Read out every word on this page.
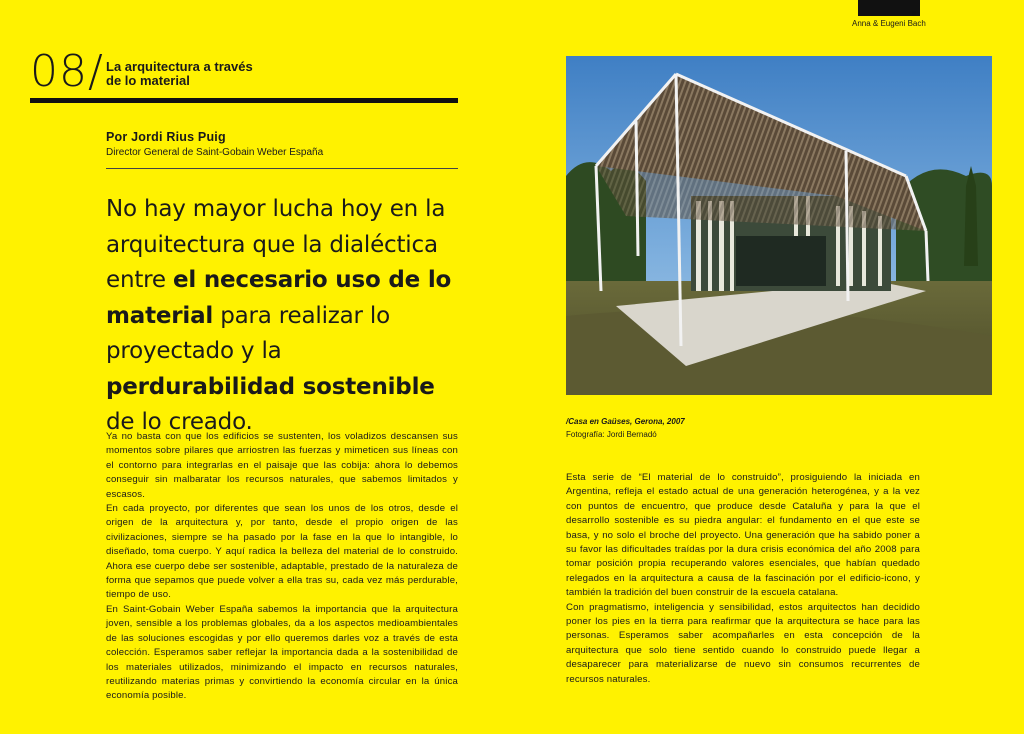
9
Anna & Eugeni Bach
08/ La arquitectura a través
de lo material
Por Jordi Rius Puig
Director General de Saint-Gobain Weber España
No hay mayor lucha hoy en la arquitectura que la dialéctica entre el necesario uso de lo material para realizar lo proyectado y la perdurabilidad sostenible de lo creado.

Ya no basta con que los edificios se sustenten, los voladizos descansen sus momentos sobre pilares que arriostren las fuerzas y mimeticen sus líneas con el contorno para integrarlas en el paisaje que las cobija: ahora lo debemos conseguir sin malbaratar los recursos naturales, que sabemos limitados y escasos.

En cada proyecto, por diferentes que sean los unos de los otros, desde el origen de la arquitectura y, por tanto, desde el propio origen de las civilizaciones, siempre se ha pasado por la fase en la que lo intangible, lo diseñado, toma cuerpo. Y aquí radica la belleza del material de lo construido. Ahora ese cuerpo debe ser sostenible, adaptable, prestado de la naturaleza de forma que sepamos que puede volver a ella tras su, cada vez más perdurable, tiempo de uso.

En Saint-Gobain Weber España sabemos la importancia que la arquitectura joven, sensible a los problemas globales, da a los aspectos medioambientales de las soluciones escogidas y por ello queremos darles voz a través de esta colección. Esperamos saber reflejar la importancia dada a la sostenibilidad de los materiales utilizados, minimizando el impacto en recursos naturales, reutilizando materias primas y convirtiendo la economía circular en la única economía posible.

/Casa en Gaüses, Gerona, 2007
Fotografía: Jordi Bernadó

Esta serie de “El material de lo construido”, prosiguiendo la iniciada en Argentina, refleja el estado actual de una generación heterogénea, y a la vez con puntos de encuentro, que produce desde Cataluña y para la que el desarrollo sostenible es su piedra angular: el fundamento en el que este se basa, y no solo el broche del proyecto. Una generación que ha sabido poner a su favor las dificultades traídas por la dura crisis económica del año 2008 para tomar posición propia recuperando valores esenciales, que habían quedado relegados en la arquitectura a causa de la fascinación por el edificio-icono, y también la tradición del buen construir de la escuela catalana.

Con pragmatismo, inteligencia y sensibilidad, estos arquitectos han decidido poner los pies en la tierra para reafirmar que la arquitectura se hace para las personas. Esperamos saber acompañarles en esta concepción de la arquitectura que solo tiene sentido cuando lo construido puede llegar a desaparecer para materializarse de nuevo sin consumos recurrentes de recursos naturales.
